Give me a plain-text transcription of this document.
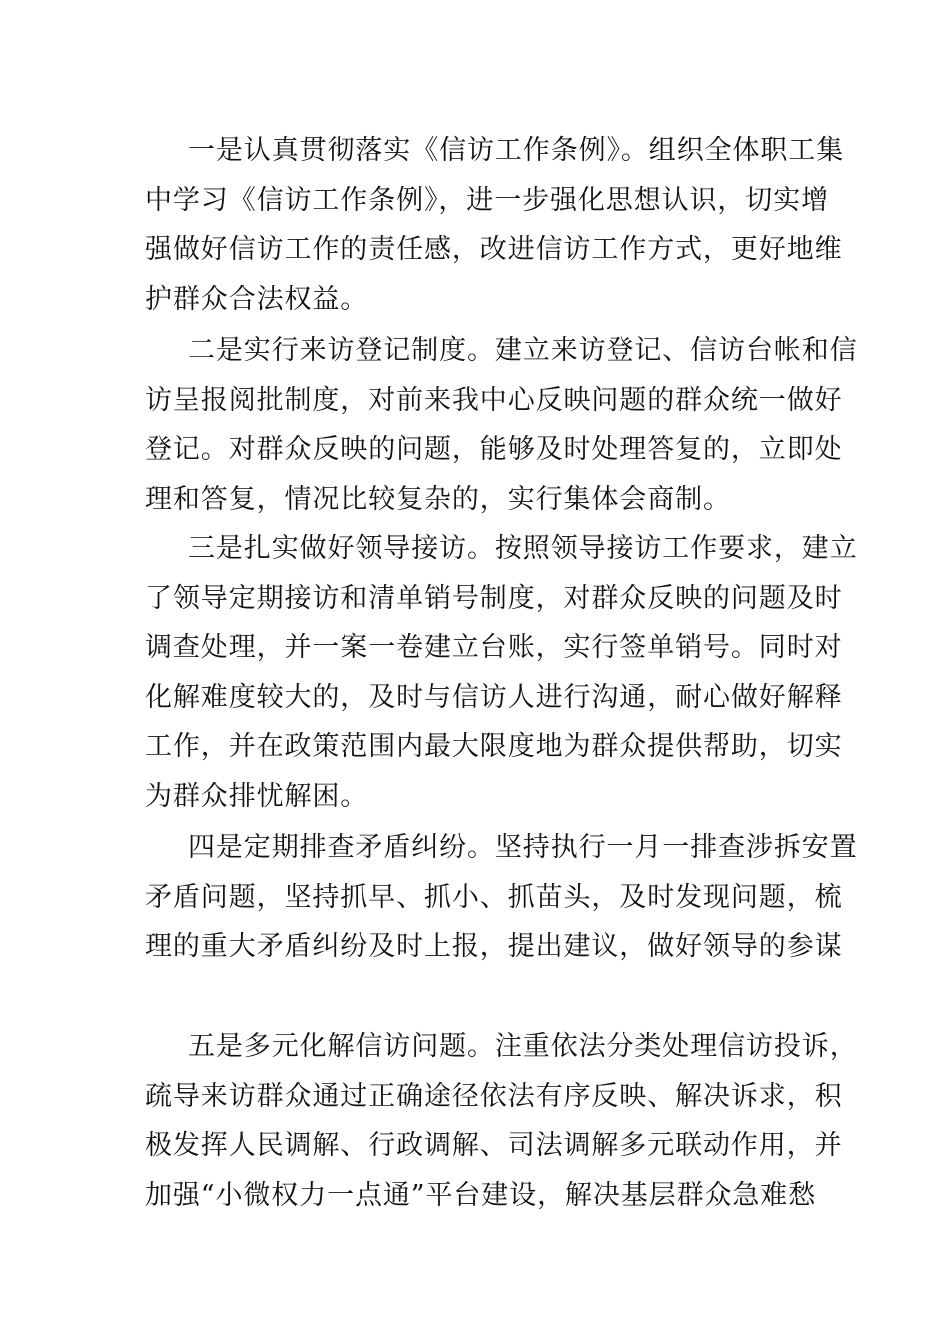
一是认真贯彻落实《信访工作条例》。组织全体职工集
中学习《信访工作条例》，进一步强化思想认识，切实增
强做好信访工作的责任感，改进信访工作方式，更好地维
护群众合法权益。
二是实行来访登记制度。建立来访登记、信访台帐和信
访呈报阅批制度，对前来我中心反映问题的群众统一做好
登记。对群众反映的问题，能够及时处理答复的，立即处
理和答复，情况比较复杂的，实行集体会商制。
三是扎实做好领导接访。按照领导接访工作要求，建立
了领导定期接访和清单销号制度，对群众反映的问题及时
调查处理，并一案一卷建立台账，实行签单销号。同时对
化解难度较大的，及时与信访人进行沟通，耐心做好解释
工作，并在政策范围内最大限度地为群众提供帮助，切实
为群众排忧解困。
四是定期排查矛盾纠纷。坚持执行一月一排查涉拆安置
矛盾问题，坚持抓早、抓小、抓苗头，及时发现问题，梳
理的重大矛盾纠纷及时上报，提出建议，做好领导的参谋
五是多元化解信访问题。注重依法分类处理信访投诉，
疏导来访群众通过正确途径依法有序反映、解决诉求，积
极发挥人民调解、行政调解、司法调解多元联动作用，并
加强“小微权力一点通”平台建设，解决基层群众急难愁
